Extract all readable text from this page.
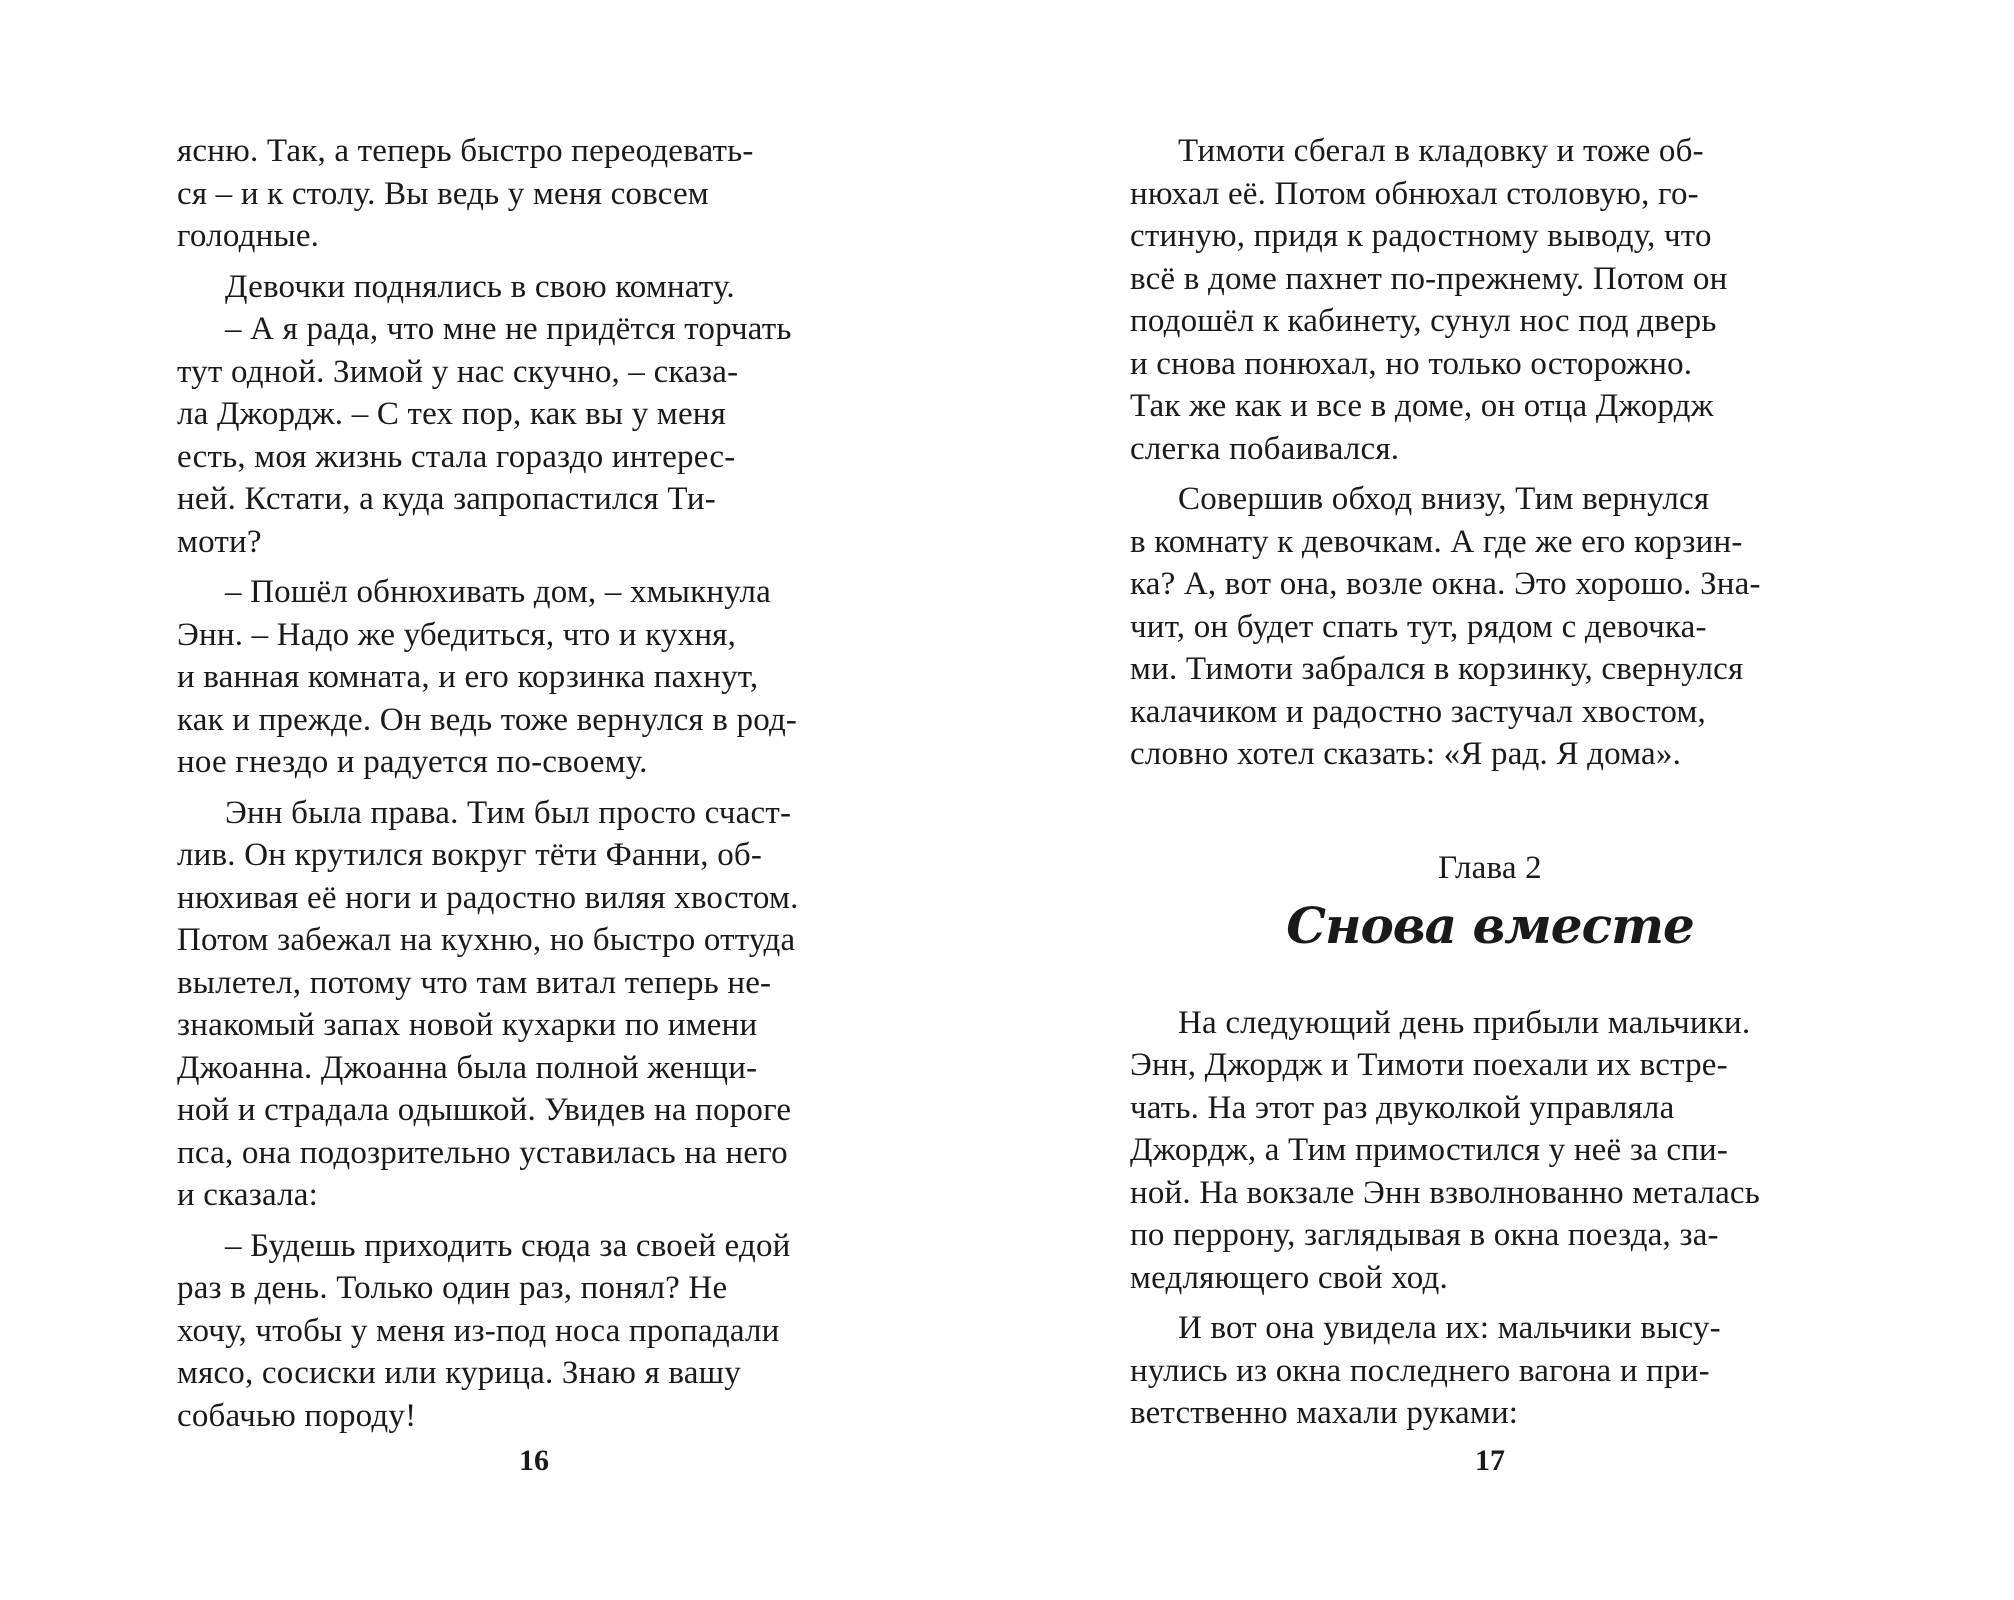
ясню. Так, а теперь быстро переодевать-
ся – и к столу. Вы ведь у меня совсем
голодные.

Девочки поднялись в свою комнату.

– А я рада, что мне не придётся торчать
тут одной. Зимой у нас скучно, – сказа-
ла Джордж. – С тех пор, как вы у меня
есть, моя жизнь стала гораздо интерес-
ней. Кстати, а куда запропастился Ти-
моти?

– Пошёл обнюхивать дом, – хмыкнула
Энн. – Надо же убедиться, что и кухня,
и ванная комната, и его корзинка пахнут,
как и прежде. Он ведь тоже вернулся в род-
ное гнездо и радуется по-своему.

Энн была права. Тим был просто счаст-
лив. Он крутился вокруг тёти Фанни, об-
нюхивая её ноги и радостно виляя хвостом.
Потом забежал на кухню, но быстро оттуда
вылетел, потому что там витал теперь не-
знакомый запах новой кухарки по имени
Джоанна. Джоанна была полной женщи-
ной и страдала одышкой. Увидев на пороге
пса, она подозрительно уставилась на него
и сказала:

– Будешь приходить сюда за своей едой
раз в день. Только один раз, понял? Не
хочу, чтобы у меня из-под носа пропадали
мясо, сосиски или курица. Знаю я вашу
собачью породу!

Тимоти сбегал в кладовку и тоже об-
нюхал её. Потом обнюхал столовую, го-
стиную, придя к радостному выводу, что
всё в доме пахнет по-прежнему. Потом он
подошёл к кабинету, сунул нос под дверь
и снова понюхал, но только осторожно.
Так же как и все в доме, он отца Джордж
слегка побаивался.

Совершив обход внизу, Тим вернулся
в комнату к девочкам. А где же его корзин-
ка? А, вот она, возле окна. Это хорошо. Зна-
чит, он будет спать тут, рядом с девочка-
ми. Тимоти забрался в корзинку, свернулся
калачиком и радостно застучал хвостом,
словно хотел сказать: «Я рад. Я дома».

Глава 2
Снова вместе

На следующий день прибыли мальчики.
Энн, Джордж и Тимоти поехали их встре-
чать. На этот раз двуколкой управляла
Джордж, а Тим примостился у неё за спи-
ной. На вокзале Энн взволнованно металась
по перрону, заглядывая в окна поезда, за-
медляющего свой ход.

И вот она увидела их: мальчики высу-
нулись из окна последнего вагона и при-
ветственно махали руками:

16	17
